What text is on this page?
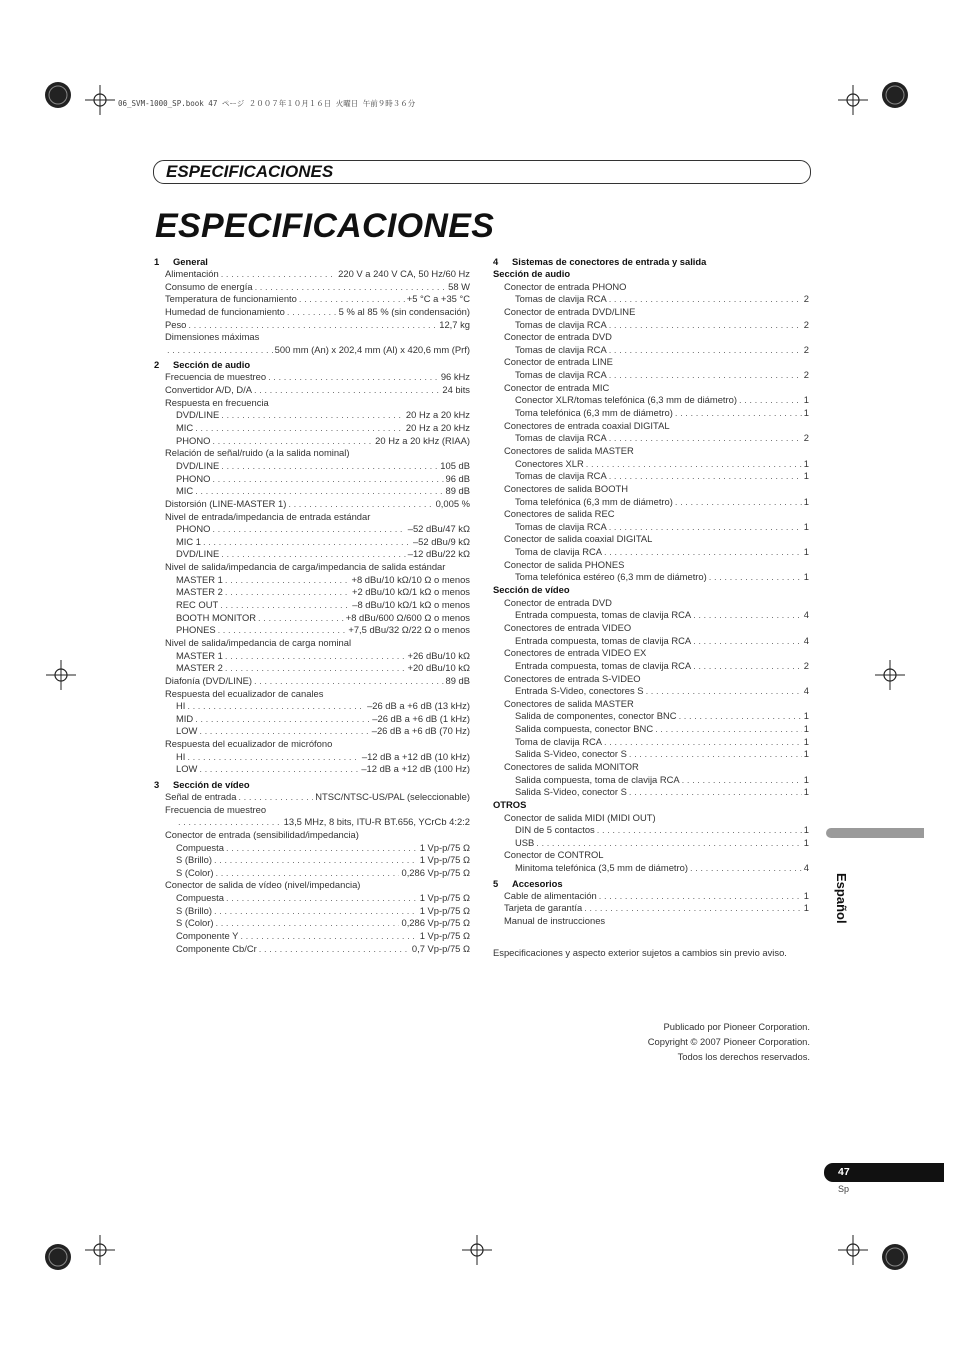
06_SVM-1000_SP.book 47 ページ ２００７年１０月１６日 火曜日 午前９時３６分
ESPECIFICACIONES
ESPECIFICACIONES
1 General
Alimentación . . .	220 V a 240 V CA, 50 Hz/60 Hz
Consumo de energía . . .	58 W
Temperatura de funcionamiento . . .	+5 °C a +35 °C
Humedad de funcionamiento . . .	5 % al 85 % (sin condensación)
Peso . . .	12,7 kg
Dimensiones máximas
. . .
500 mm (An) x 202,4 mm (Al) x 420,6 mm (Prf)
2 Sección de audio
Frecuencia de muestreo . . .	96 kHz
Convertidor A/D, D/A . . .	24 bits
Respuesta en frecuencia
DVD/LINE . . .	20 Hz a 20 kHz
MIC . . .	20 Hz a 20 kHz
PHONO . . .	20 Hz a 20 kHz (RIAA)
Relación de señal/ruido (a la salida nominal)
DVD/LINE . . .	105 dB
PHONO . . .	96 dB
MIC . . .	89 dB
Distorsión (LINE-MASTER 1) . . .	0,005 %
Nivel de entrada/impedancia de entrada estándar
PHONO . . .	–52 dBu/47 kΩ
MIC 1 . . .	–52 dBu/9 kΩ
DVD/LINE . . .	–12 dBu/22 kΩ
Nivel de salida/impedancia de carga/impedancia de salida estándar
MASTER 1 . . .	+8 dBu/10 kΩ/10 Ω o menos
MASTER 2 . . .	+2 dBu/10 kΩ/1 kΩ o menos
REC OUT . . .	–8 dBu/10 kΩ/1 kΩ o menos
BOOTH MONITOR . . .	+8 dBu/600 Ω/600 Ω o menos
PHONES . . .	+7,5 dBu/32 Ω/22 Ω o menos
Nivel de salida/impedancia de carga nominal
MASTER 1 . . .	+26 dBu/10 kΩ
MASTER 2 . . .	+20 dBu/10 kΩ
Diafonía (DVD/LINE) . . .	89 dB
Respuesta del ecualizador de canales
HI . . .	–26 dB a +6 dB (13 kHz)
MID . . .	–26 dB a +6 dB (1 kHz)
LOW . . .	–26 dB a +6 dB (70 Hz)
Respuesta del ecualizador de micrófono
HI . . .	–12 dB a +12 dB (10 kHz)
LOW . . .	–12 dB a +12 dB (100 Hz)
3 Sección de vídeo
Señal de entrada . . .	NTSC/NTSC-US/PAL (seleccionable)
Frecuencia de muestreo
. . .
13,5 MHz, 8 bits, ITU-R BT.656, YCrCb 4:2:2
Conector de entrada (sensibilidad/impedancia)
Compuesta . . .	1 Vp-p/75 Ω
S (Brillo) . . .	1 Vp-p/75 Ω
S (Color) . . .	0,286 Vp-p/75 Ω
Conector de salida de vídeo (nivel/impedancia)
Compuesta . . .	1 Vp-p/75 Ω
S (Brillo) . . .	1 Vp-p/75 Ω
S (Color) . . .	0,286 Vp-p/75 Ω
Componente Y . . .	1 Vp-p/75 Ω
Componente Cb/Cr . . .	0,7 Vp-p/75 Ω
4 Sistemas de conectores de entrada y salida
Sección de audio
Conector de entrada PHONO
Tomas de clavija RCA . . .	2
Conector de entrada DVD/LINE
Tomas de clavija RCA . . .	2
Conector de entrada DVD
Tomas de clavija RCA . . .	2
Conector de entrada LINE
Tomas de clavija RCA . . .	2
Conector de entrada MIC
Conector XLR/tomas telefónica (6,3 mm de diámetro) . . .	1
Toma telefónica (6,3 mm de diámetro) . . .	1
Conectores de entrada coaxial DIGITAL
Tomas de clavija RCA . . .	2
Conectores de salida MASTER
Conectores XLR . . .	1
Tomas de clavija RCA . . .	1
Conectores de salida BOOTH
Toma telefónica (6,3 mm de diámetro) . . .	1
Conectores de salida REC
Tomas de clavija RCA . . .	1
Conector de salida coaxial DIGITAL
Toma de clavija RCA . . .	1
Conector de salida PHONES
Toma telefónica estéreo (6,3 mm de diámetro) . . .	1
Sección de vídeo
Conector de entrada DVD
Entrada compuesta, tomas de clavija RCA . . .	4
Conectores de entrada VIDEO
Entrada compuesta, tomas de clavija RCA . . .	4
Conectores de entrada VIDEO EX
Entrada compuesta, tomas de clavija RCA . . .	2
Conectores de entrada S-VIDEO
Entrada S-Video, conectores S . . .	4
Conectores de salida MASTER
Salida de componentes, conector BNC . . .	1
Salida compuesta, conector BNC . . .	1
Toma de clavija RCA . . .	1
Salida S-Video, conector S . . .	1
Conectores de salida MONITOR
Salida compuesta, toma de clavija RCA . . .	1
Salida S-Video, conector S . . .	1
OTROS
Conector de salida MIDI (MIDI OUT)
DIN de 5 contactos . . .	1
USB . . .	1
Conector de CONTROL
Minitoma telefónica (3,5 mm de diámetro) . . .	4
5 Accesorios
Cable de alimentación . . .	1
Tarjeta de garantía . . .	1
Manual de instrucciones
Especificaciones y aspecto exterior sujetos a cambios sin previo aviso.
Publicado por Pioneer Corporation.
Copyright © 2007 Pioneer Corporation.
Todos los derechos reservados.
Español
47
Sp
